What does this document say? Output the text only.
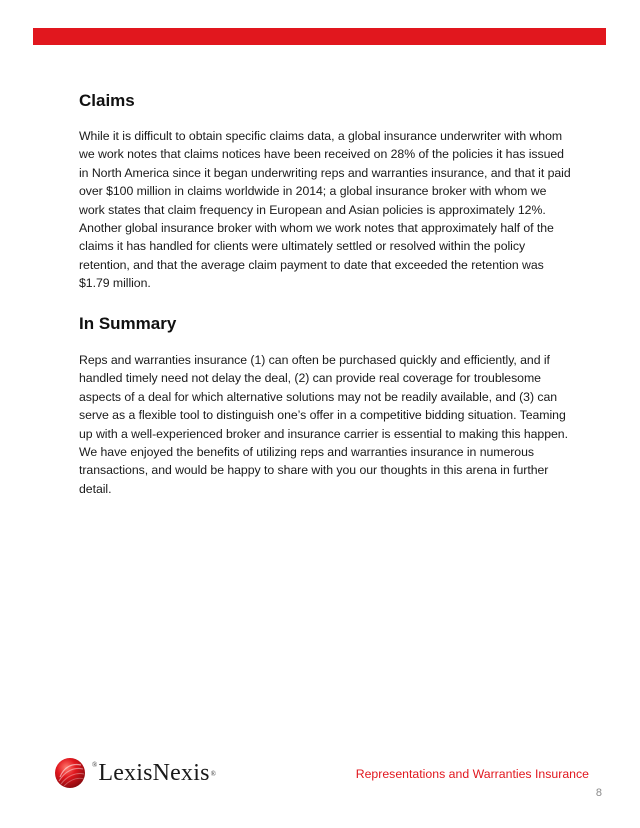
Claims

While it is difficult to obtain specific claims data, a global insurance underwriter with whom we work notes that claims notices have been received on 28% of the policies it has issued in North America since it began underwriting reps and warranties insurance, and that it paid over $100 million in claims worldwide in 2014; a global insurance broker with whom we work states that claim frequency in European and Asian policies is approximately 12%. Another global insurance broker with whom we work notes that approximately half of the claims it has handled for clients were ultimately settled or resolved within the policy retention, and that the average claim payment to date that exceeded the retention was $1.79 million.

In Summary

Reps and warranties insurance (1) can often be purchased quickly and efficiently, and if handled timely need not delay the deal, (2) can provide real coverage for troublesome aspects of a deal for which alternative solutions may not be readily available, and (3) can serve as a flexible tool to distinguish one’s offer in a competitive bidding situation. Teaming up with a well-experienced broker and insurance carrier is essential to making this happen. We have enjoyed the benefits of utilizing reps and warranties insurance in numerous transactions, and would be happy to share with you our thoughts in this arena in further detail.

® LexisNexis ®	Representations and Warranties Insurance
8
